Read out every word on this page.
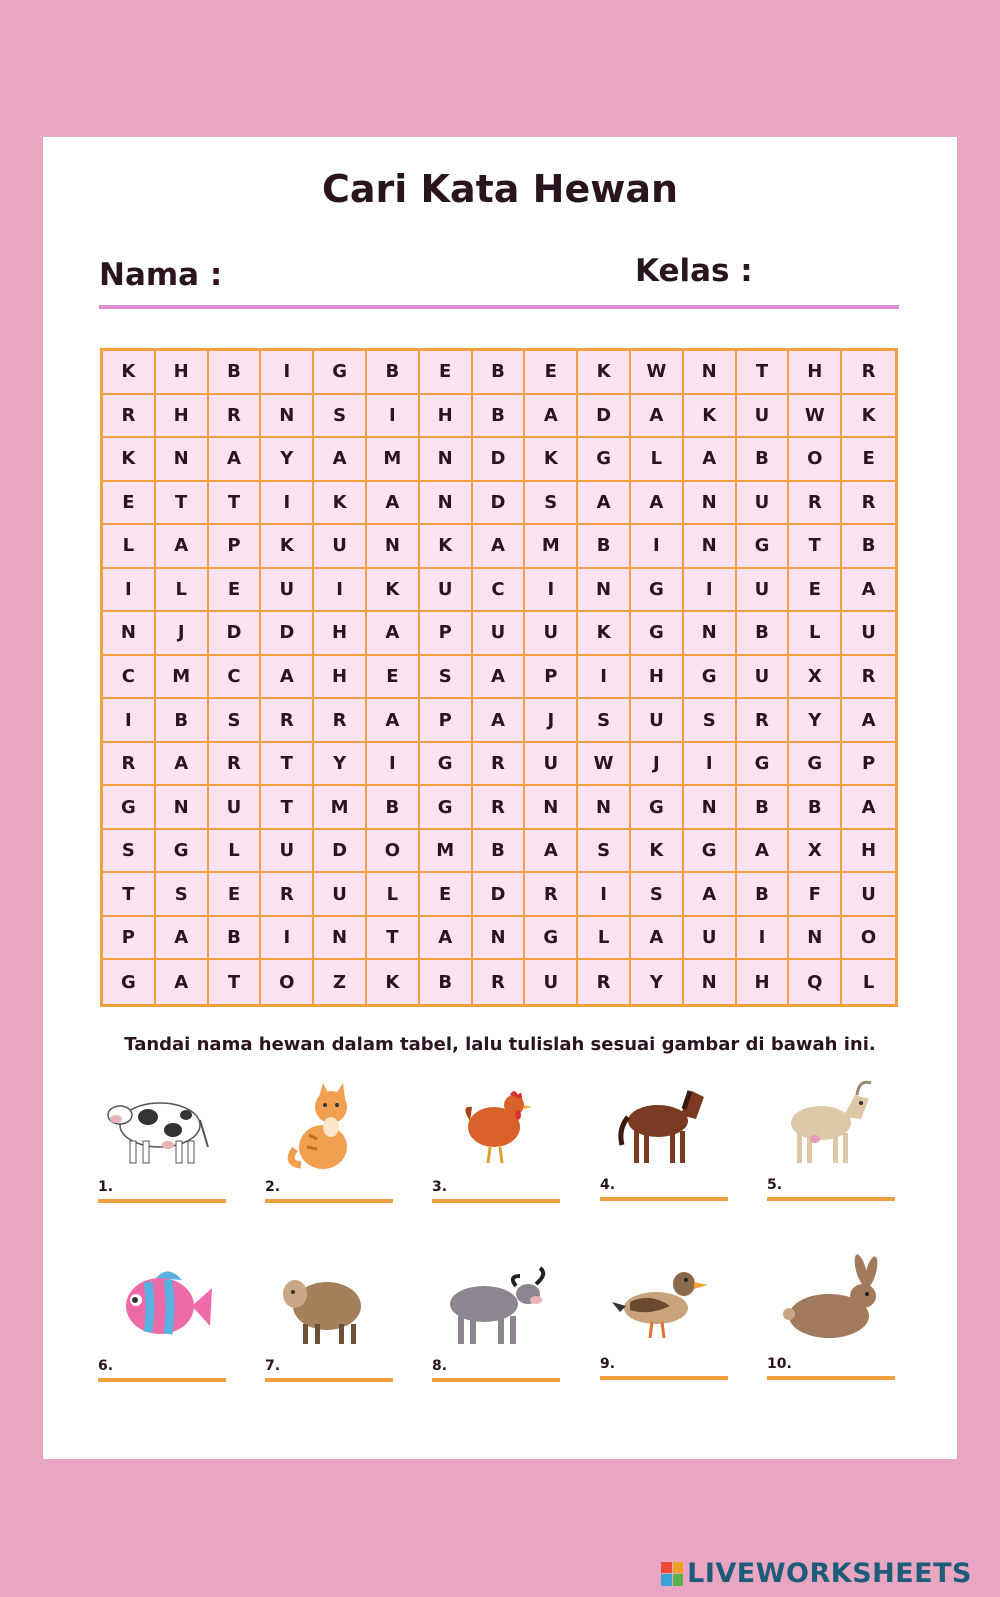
Cari Kata Hewan
Nama :	Kelas :
K	H	B	I	G	B	E	B	E	K	W	N	T	H	R
R	H	R	N	S	I	H	B	A	D	A	K	U	W	K
K	N	A	Y	A	M	N	D	K	G	L	A	B	O	E
E	T	T	I	K	A	N	D	S	A	A	N	U	R	R
L	A	P	K	U	N	K	A	M	B	I	N	G	T	B
I	L	E	U	I	K	U	C	I	N	G	I	U	E	A
N	J	D	D	H	A	P	U	U	K	G	N	B	L	U
C	M	C	A	H	E	S	A	P	I	H	G	U	X	R
I	B	S	R	R	A	P	A	J	S	U	S	R	Y	A
R	A	R	T	Y	I	G	R	U	W	J	I	G	G	P
G	N	U	T	M	B	G	R	N	N	G	N	B	B	A
S	G	L	U	D	O	M	B	A	S	K	G	A	X	H
T	S	E	R	U	L	E	D	R	I	S	A	B	F	U
P	A	B	I	N	T	A	N	G	L	A	U	I	N	O
G	A	T	O	Z	K	B	R	U	R	Y	N	H	Q	L
Tandai nama hewan dalam tabel, lalu tulislah sesuai gambar di bawah ini.
1.	2.	3.	4.	5.
6.	7.	8.	9.	10.
LIVEWORKSHEETS
